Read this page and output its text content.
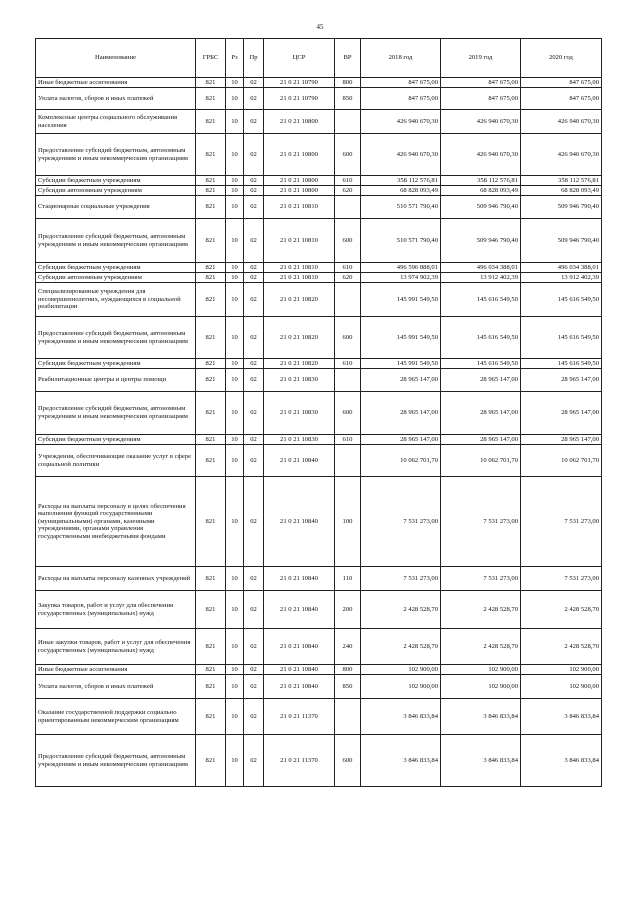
45
Наименование	ГРБС	Рз	Пр	ЦСР	ВР	2018 год	2019 год	2020 год
Иные бюджетные ассигнования	821	10	02	21 0 21 10790	800	847 675,00	847 675,00	847 675,00
Уплата налогов, сборов и иных платежей	821	10	02	21 0 21 10790	850	847 675,00	847 675,00	847 675,00
Комплексные центры социального обслуживания населения	821	10	02	21 0 21 10800		426 940 670,30	426 940 670,30	426 940 670,30
Предоставление субсидий бюджетным, автономным учреждениям и иным некоммерческим организациям	821	10	02	21 0 21 10800	600	426 940 670,30	426 940 670,30	426 940 670,30
Субсидии бюджетным учреждениям	821	10	02	21 0 21 10800	610	358 112 576,81	358 112 576,81	358 112 576,81
Субсидии автономным учреждениям	821	10	02	21 0 21 10800	620	68 828 093,49	68 828 093,49	68 828 093,49
Стационарные социальные учреждения	821	10	02	21 0 21 10810		510 571 790,40	509 946 790,40	509 946 790,40
Предоставление субсидий бюджетным, автономным учреждениям и иным некоммерческим организациям	821	10	02	21 0 21 10810	600	510 571 790,40	509 946 790,40	509 946 790,40
Субсидии бюджетным учреждениям	821	10	02	21 0 21 10810	610	496 596 888,01	496 034 388,01	496 034 388,01
Субсидии автономным учреждениям	821	10	02	21 0 21 10810	620	13 974 902,39	13 912 402,39	13 912 402,39
Специализированные учреждения для несовершеннолетних, нуждающихся в социальной реабилитации	821	10	02	21 0 21 10820		145 991 549,50	145 616 549,50	145 616 549,50
Предоставление субсидий бюджетным, автономным учреждениям и иным некоммерческим организациям	821	10	02	21 0 21 10820	600	145 991 549,50	145 616 549,50	145 616 549,50
Субсидии бюджетным учреждениям	821	10	02	21 0 21 10820	610	145 991 549,50	145 616 549,50	145 616 549,50
Реабилитационные центры и центры помощи	821	10	02	21 0 21 10830		28 965 147,00	28 965 147,00	28 965 147,00
Предоставление субсидий бюджетным, автономным учреждениям и иным некоммерческим организациям	821	10	02	21 0 21 10830	600	28 965 147,00	28 965 147,00	28 965 147,00
Субсидии бюджетным учреждениям	821	10	02	21 0 21 10830	610	28 965 147,00	28 965 147,00	28 965 147,00
Учреждения, обеспечивающие оказание услуг в сфере социальной политики	821	10	02	21 0 21 10840		10 062 701,70	10 062 701,70	10 062 701,70
Расходы на выплаты персоналу в целях обеспечения выполнения функций государственными (муниципальными) органами, казенными учреждениями, органами управления государственными внебюджетными фондами	821	10	02	21 0 21 10840	100	7 531 273,00	7 531 273,00	7 531 273,00
Расходы на выплаты персоналу казенных учреждений	821	10	02	21 0 21 10840	110	7 531 273,00	7 531 273,00	7 531 273,00
Закупка товаров, работ и услуг для обеспечения государственных (муниципальных) нужд	821	10	02	21 0 21 10840	200	2 428 528,70	2 428 528,70	2 428 528,70
Иные закупки товаров, работ и услуг для обеспечения государственных (муниципальных) нужд	821	10	02	21 0 21 10840	240	2 428 528,70	2 428 528,70	2 428 528,70
Иные бюджетные ассигнования	821	10	02	21 0 21 10840	800	102 900,00	102 900,00	102 900,00
Уплата налогов, сборов и иных платежей	821	10	02	21 0 21 10840	850	102 900,00	102 900,00	102 900,00
Оказание государственной поддержки социально ориентированным некоммерческим организациям	821	10	02	21 0 21 11370		3 846 833,84	3 846 833,84	3 846 833,84
Предоставление субсидий бюджетным, автономным учреждениям и иным некоммерческим организациям	821	10	02	21 0 21 11370	600	3 846 833,84	3 846 833,84	3 846 833,84
